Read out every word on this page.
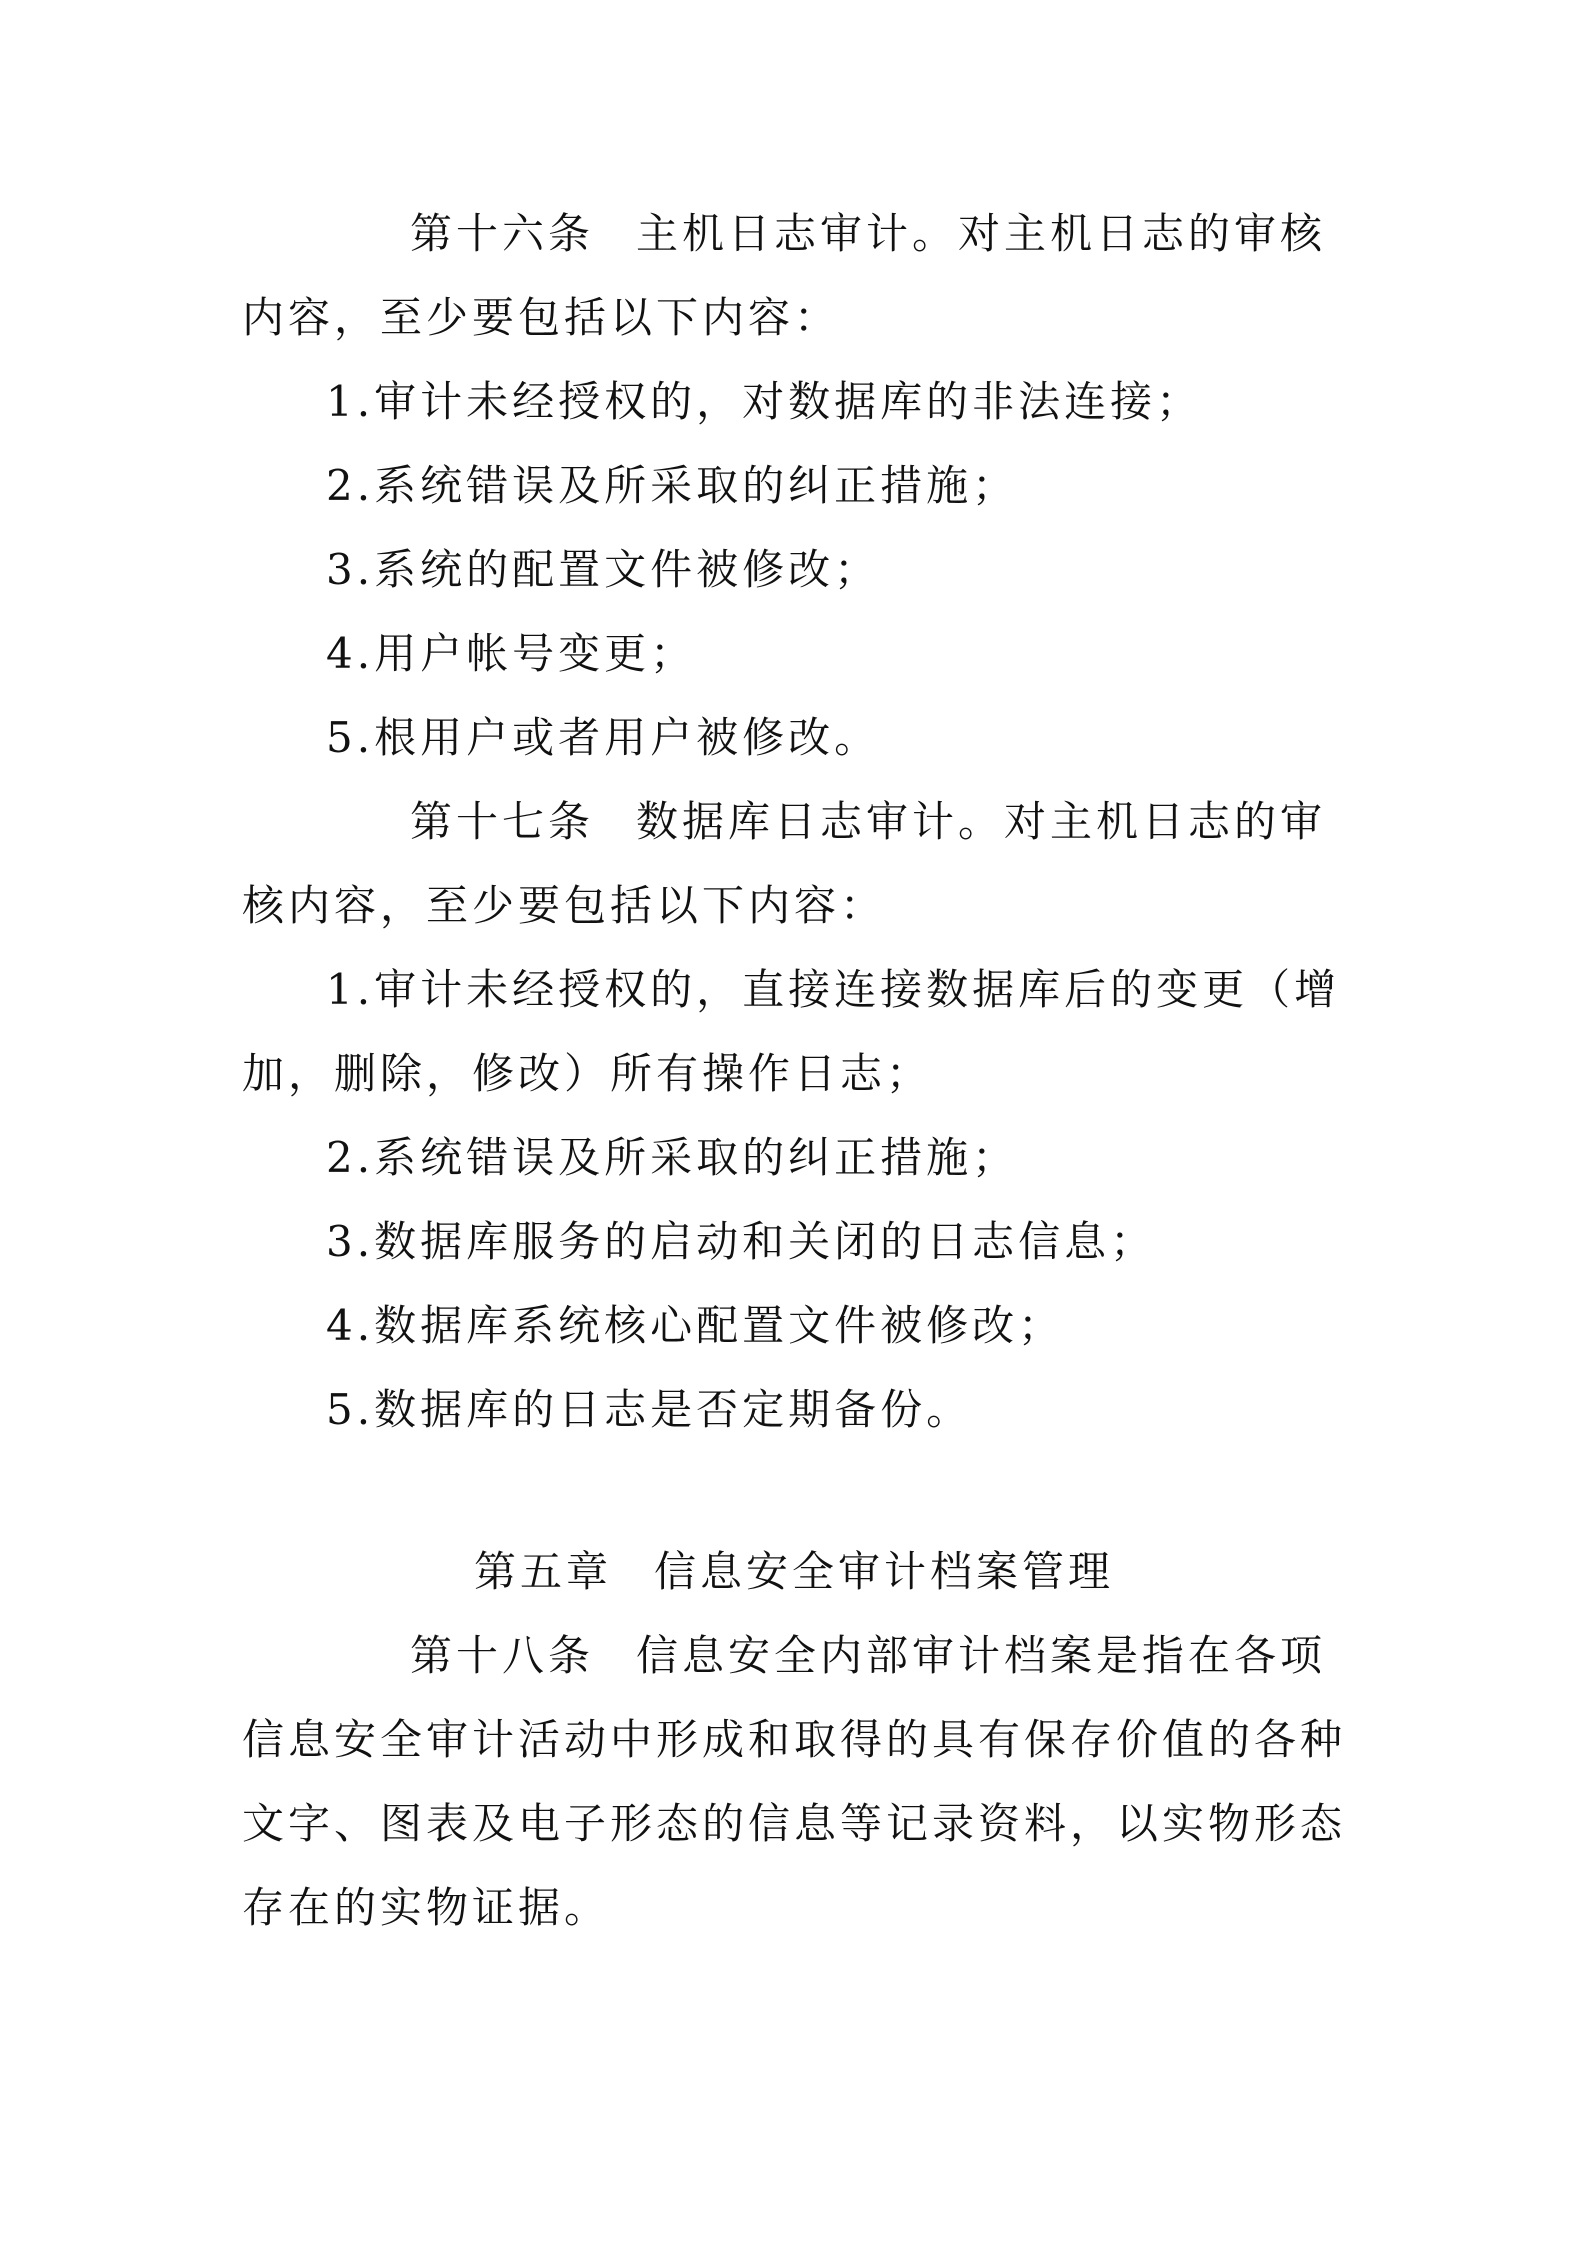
第十六条 主机日志审计。对主机日志的审核内容，至少要包括以下内容：
1.审计未经授权的，对数据库的非法连接；
2.系统错误及所采取的纠正措施；
3.系统的配置文件被修改；
4.用户帐号变更；
5.根用户或者用户被修改。
第十七条 数据库日志审计。对主机日志的审核内容，至少要包括以下内容：
1.审计未经授权的，直接连接数据库后的变更（增加，删除，修改）所有操作日志；
2.系统错误及所采取的纠正措施；
3.数据库服务的启动和关闭的日志信息；
4.数据库系统核心配置文件被修改；
5.数据库的日志是否定期备份。
第五章 信息安全审计档案管理
第十八条 信息安全内部审计档案是指在各项信息安全审计活动中形成和取得的具有保存价值的各种文字、图表及电子形态的信息等记录资料，以实物形态存在的实物证据。
